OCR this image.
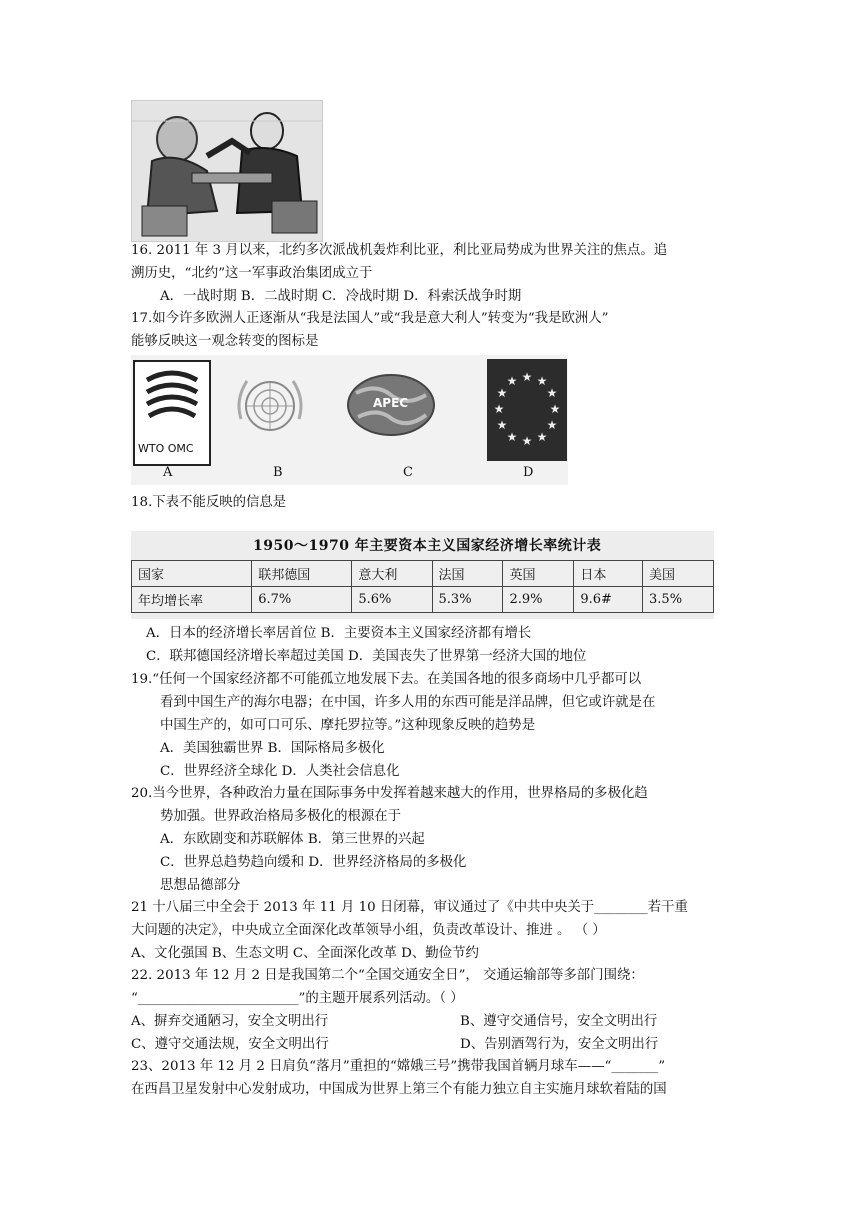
16. 2011 年 3 月以来，北约多次派战机轰炸利比亚，利比亚局势成为世界关注的焦点。追
溯历史，“北约”这一军事政治集团成立于
A．一战时期 B．二战时期 C．冷战时期 D．科索沃战争时期
17.如今许多欧洲人正逐渐从“我是法国人”或“我是意大利人”转变为“我是欧洲人”
能够反映这一观念转变的图标是
WTO OMC
APEC
★ ★
★
★
★
★
★
★
★
★
★
★
A	B	C	D
18.下表不能反映的信息是
1950～1970 年主要资本主义国家经济增长率统计表
国家	联邦德国	意大利	法国	英国	日本	美国
年均增长率	6.7%	5.6%	5.3%	2.9%	9.6#	3.5%
A．日本的经济增长率居首位 B．主要资本主义国家经济都有增长
C．联邦德国经济增长率超过美国 D．美国丧失了世界第一经济大国的地位
19.“任何一个国家经济都不可能孤立地发展下去。在美国各地的很多商场中几乎都可以
看到中国生产的海尔电器；在中国，许多人用的东西可能是洋品牌，但它或许就是在
中国生产的，如可口可乐、摩托罗拉等。”这种现象反映的趋势是
A．美国独霸世界 B．国际格局多极化
C．世界经济全球化 D．人类社会信息化
20.当今世界，各种政治力量在国际事务中发挥着越来越大的作用，世界格局的多极化趋
势加强。世界政治格局多极化的根源在于
A．东欧剧变和苏联解体 B．第三世界的兴起
C．世界总趋势趋向缓和 D．世界经济格局的多极化
思想品德部分
21 十八届三中全会于 2013 年 11 月 10 日闭幕，审议通过了《中共中央关于________若干重
大问题的决定》，中央成立全面深化改革领导小组，负责改革设计、推进 。 （ ）
A、文化强国 B、生态文明 C、全面深化改革 D、勤俭节约
22. 2013 年 12 月 2 日是我国第二个“全国交通安全日”， 交通运输部等多部门围绕：
“________________________”的主题开展系列活动。（ ）
A、摒弃交通陋习，安全文明出行	B、遵守交通信号，安全文明出行
C、遵守交通法规，安全文明出行	D、告别酒驾行为，安全文明出行
23、2013 年 12 月 2 日肩负“落月”重担的“嫦娥三号”携带我国首辆月球车——“_______”
在西昌卫星发射中心发射成功，中国成为世界上第三个有能力独立自主实施月球软着陆的国
